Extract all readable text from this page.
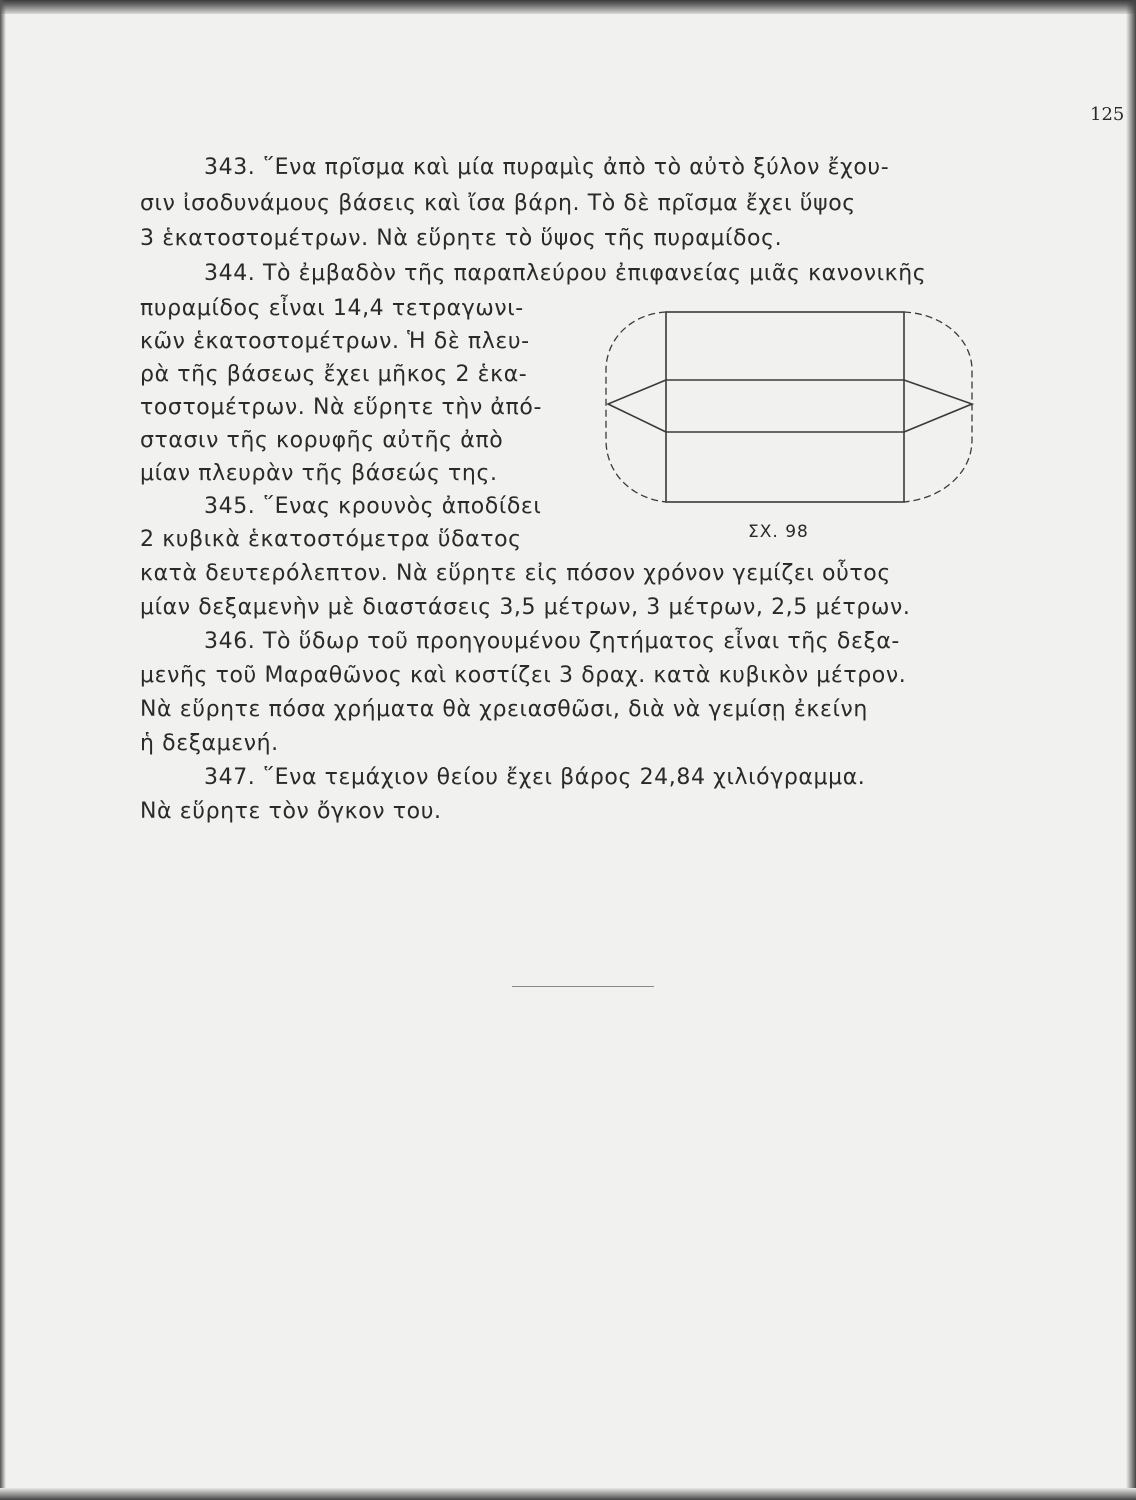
125
343. ῞Ενα πρῖσμα καὶ μία πυραμὶς ἀπὸ τὸ αὐτὸ ξύλον ἔχου-
σιν ἰσοδυνάμους βάσεις καὶ ἴσα βάρη. Τὸ δὲ πρῖσμα ἔχει ὕψος
3 ἑκατοστομέτρων. Νὰ εὕρητε τὸ ὕψος τῆς πυραμίδος.
344. Τὸ ἐμβαδὸν τῆς παραπλεύρου ἐπιφανείας μιᾶς κανονικῆς
πυραμίδος εἶναι 14,4 τετραγωνι-
κῶν ἑκατοστομέτρων. Ἡ δὲ πλευ-
ρὰ τῆς βάσεως ἔχει μῆκος 2 ἑκα-
τοστομέτρων. Νὰ εὕρητε τὴν ἀπό-
στασιν τῆς κορυφῆς αὐτῆς ἀπὸ
μίαν πλευρὰν τῆς βάσεώς της.
345. ῞Ενας κρουνὸς ἀποδίδει
2 κυβικὰ ἑκατοστόμετρα ὕδατος
κατὰ δευτερόλεπτον. Νὰ εὕρητε εἰς πόσον χρόνον γεμίζει οὗτος
μίαν δεξαμενὴν μὲ διαστάσεις 3,5 μέτρων, 3 μέτρων, 2,5 μέτρων.
346. Τὸ ὕδωρ τοῦ προηγουμένου ζητήματος εἶναι τῆς δεξα-
μενῆς τοῦ Μαραθῶνος καὶ κοστίζει 3 δραχ. κατὰ κυβικὸν μέτρον.
Νὰ εὕρητε πόσα χρήματα θὰ χρειασθῶσι, διὰ νὰ γεμίσῃ ἐκείνη
ἡ δεξαμενή.
347. ῞Ενα τεμάχιον θείου ἔχει βάρος 24,84 χιλιόγραμμα.
Νὰ εὕρητε τὸν ὄγκον του.
ΣΧ. 98
